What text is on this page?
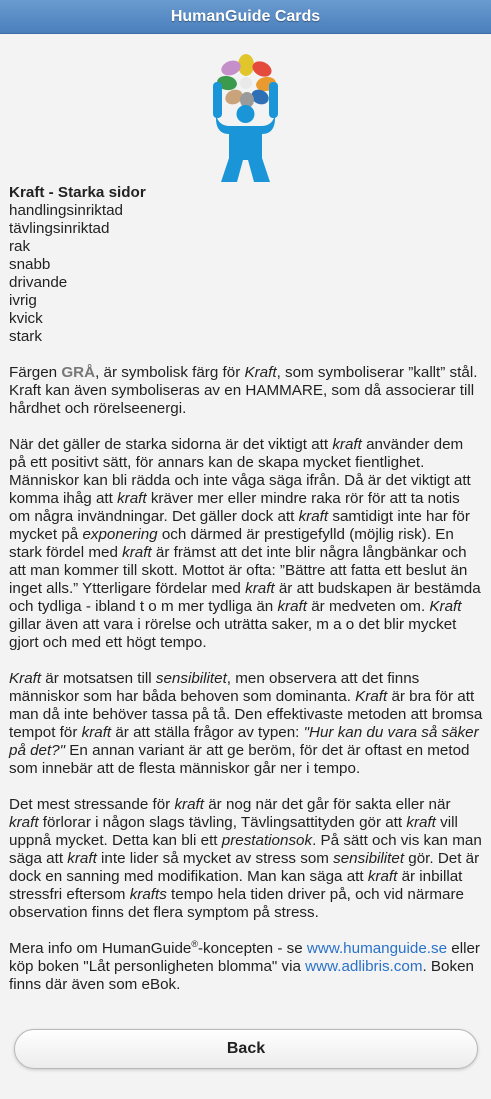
HumanGuide Cards

Kraft - Starka sidor
handlingsinriktad
tävlingsinriktad
rak
snabb
drivande
ivrig
kvick
stark

Färgen GRÅ, är symbolisk färg för Kraft, som symboliserar ”kallt” stål. Kraft kan även symboliseras av en HAMMARE, som då associerar till hårdhet och rörelseenergi.

När det gäller de starka sidorna är det viktigt att kraft använder dem på ett positivt sätt, för annars kan de skapa mycket fientlighet. Människor kan bli rädda och inte våga säga ifrån. Då är det viktigt att komma ihåg att kraft kräver mer eller mindre raka rör för att ta notis om några invändningar. Det gäller dock att kraft samtidigt inte har för mycket på exponering och därmed är prestigefylld (möjlig risk). En stark fördel med kraft är främst att det inte blir några långbänkar och att man kommer till skott. Mottot är ofta: ”Bättre att fatta ett beslut än inget alls.” Ytterligare fördelar med kraft är att budskapen är bestämda och tydliga - ibland t o m mer tydliga än kraft är medveten om. Kraft gillar även att vara i rörelse och uträtta saker, m a o det blir mycket gjort och med ett högt tempo.

Kraft är motsatsen till sensibilitet, men observera att det finns människor som har båda behoven som dominanta. Kraft är bra för att man då inte behöver tassa på tå. Den effektivaste metoden att bromsa tempot för kraft är att ställa frågor av typen: "Hur kan du vara så säker på det?" En annan variant är att ge beröm, för det är oftast en metod som innebär att de flesta människor går ner i tempo.

Det mest stressande för kraft är nog när det går för sakta eller när kraft förlorar i någon slags tävling, Tävlingsattityden gör att kraft vill uppnå mycket. Detta kan bli ett prestationsok. På sätt och vis kan man säga att kraft inte lider så mycket av stress som sensibilitet gör. Det är dock en sanning med modifikation. Man kan säga att kraft är inbillat stressfri eftersom krafts tempo hela tiden driver på, och vid närmare observation finns det flera symptom på stress.

Mera info om HumanGuide®-koncepten - se www.humanguide.se eller köp boken "Låt personligheten blomma" via www.adlibris.com. Boken finns där även som eBok.

Back
